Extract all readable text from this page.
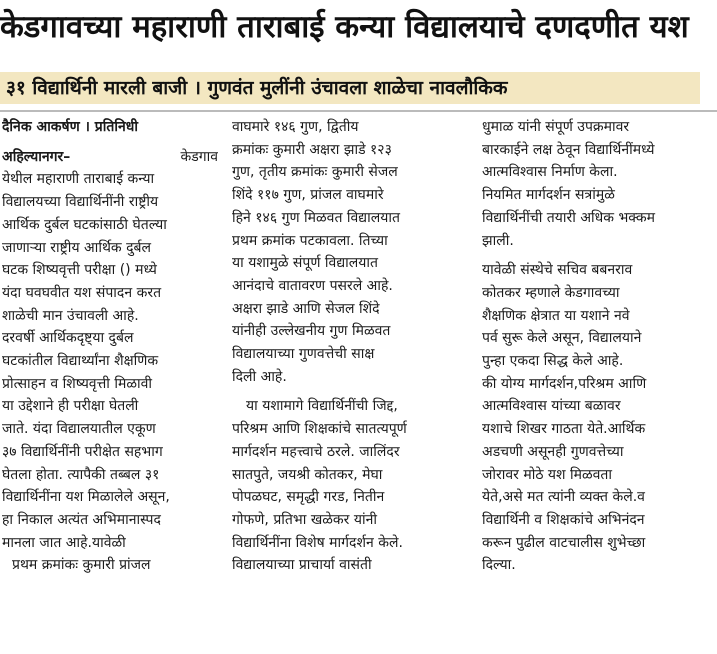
केडगावच्या महाराणी ताराबाई कन्या विद्यालयाचे दणदणीत यश
३१ विद्यार्थिनी मारली बाजी । गुणवंत मुलींनी उंचावला शाळेचा नावलौकिक
दैनिक आकर्षण । प्रतिनिधी
अहिल्यानगर–	केडगाव
येथील महाराणी ताराबाई कन्या
विद्यालयच्या विद्यार्थिनींनी राष्ट्रीय
आर्थिक दुर्बल घटकांसाठी घेतल्या
जाणाऱ्या राष्ट्रीय आर्थिक दुर्बल
घटक शिष्यवृत्ती परीक्षा () मध्ये
यंदा घवघवीत यश संपादन करत
शाळेची मान उंचावली आहे.
दरवर्षी आर्थिकदृष्ट्या दुर्बल
घटकांतील विद्यार्थ्यांना शैक्षणिक
प्रोत्साहन व शिष्यवृत्ती मिळावी
या उद्देशाने ही परीक्षा घेतली
जाते. यंदा विद्यालयातील एकूण
३७ विद्यार्थिनींनी परीक्षेत सहभाग
घेतला होता. त्यापैकी तब्बल ३१
विद्यार्थिनींना यश मिळालेले असून,
हा निकाल अत्यंत अभिमानास्पद
मानला जात आहे.यावेळी
प्रथम क्रमांकः कुमारी प्रांजल
वाघमारे १४६ गुण, द्वितीय
क्रमांकः कुमारी अक्षरा झाडे १२३
गुण, तृतीय क्रमांकः कुमारी सेजल
शिंदे ११७ गुण, प्रांजल वाघमारे
हिने १४६ गुण मिळवत विद्यालयात
प्रथम क्रमांक पटकावला. तिच्या
या यशामुळे संपूर्ण विद्यालयात
आनंदाचे वातावरण पसरले आहे.
अक्षरा झाडे आणि सेजल शिंदे
यांनीही उल्लेखनीय गुण मिळवत
विद्यालयाच्या गुणवत्तेची साक्ष
दिली आहे.
या यशामागे विद्यार्थिनींची जिद्द,
परिश्रम आणि शिक्षकांचे सातत्यपूर्ण
मार्गदर्शन महत्त्वाचे ठरले. जालिंदर
सातपुते, जयश्री कोतकर, मेघा
पोपळघट, समृद्धी गरड, नितीन
गोफणे, प्रतिभा खळेकर यांनी
विद्यार्थिनींना विशेष मार्गदर्शन केले.
विद्यालयाच्या प्राचार्या वासंती
धुमाळ यांनी संपूर्ण उपक्रमावर
बारकाईने लक्ष ठेवून विद्यार्थिनींमध्ये
आत्मविश्वास निर्माण केला.
नियमित मार्गदर्शन सत्रांमुळे
विद्यार्थिनींची तयारी अधिक भक्कम
झाली.
यावेळी संस्थेचे सचिव बबनराव
कोतकर म्हणाले केडगावच्या
शैक्षणिक क्षेत्रात या यशाने नवे
पर्व सुरू केले असून, विद्यालयाने
पुन्हा एकदा सिद्ध केले आहे.
की योग्य मार्गदर्शन,परिश्रम आणि
आत्मविश्वास यांच्या बळावर
यशाचे शिखर गाठता येते.आर्थिक
अडचणी असूनही गुणवत्तेच्या
जोरावर मोठे यश मिळवता
येते,असे मत त्यांनी व्यक्त केले.व
विद्यार्थिनी व शिक्षकांचे अभिनंदन
करून पुढील वाटचालीस शुभेच्छा
दिल्या.
